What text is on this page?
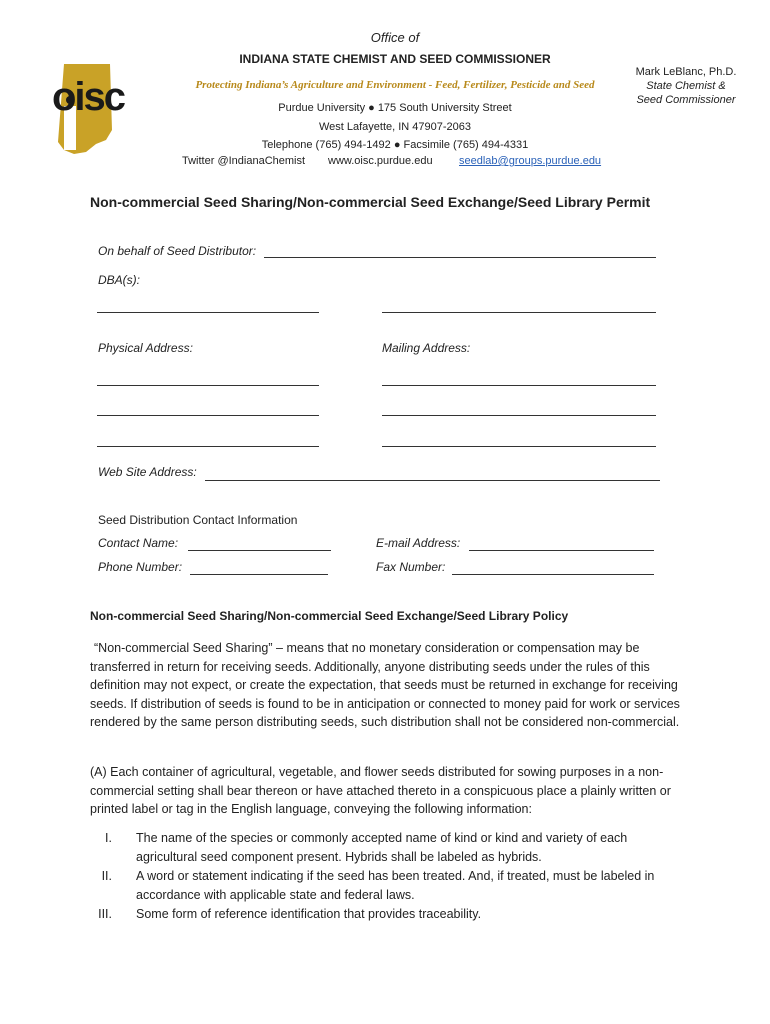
oisc
Office of
INDIANA STATE CHEMIST AND SEED COMMISSIONER
Protecting Indiana’s Agriculture and Environment - Feed, Fertilizer, Pesticide and Seed
Purdue University ● 175 South University Street
West Lafayette, IN 47907-2063
Telephone (765) 494-1492 ● Facsimile (765) 494-4331
Twitter @IndianaChemist www.oisc.purdue.edu seedlab@groups.purdue.edu
Mark LeBlanc, Ph.D.
State Chemist &
Seed Commissioner
Non-commercial Seed Sharing/Non-commercial Seed Exchange/Seed Library Permit
On behalf of Seed Distributor:
DBA(s):
Physical Address:	Mailing Address:
Web Site Address:
Seed Distribution Contact Information
Contact Name:	E-mail Address:
Phone Number:	Fax Number:
Non-commercial Seed Sharing/Non-commercial Seed Exchange/Seed Library Policy
“Non-commercial Seed Sharing” – means that no monetary consideration or compensation may be transferred in return for receiving seeds. Additionally, anyone distributing seeds under the rules of this definition may not expect, or create the expectation, that seeds must be returned in exchange for receiving seeds. If distribution of seeds is found to be in anticipation or connected to money paid for work or services rendered by the same person distributing seeds, such distribution shall not be considered non-commercial.
(A) Each container of agricultural, vegetable, and flower seeds distributed for sowing purposes in a non-commercial setting shall bear thereon or have attached thereto in a conspicuous place a plainly written or printed label or tag in the English language, conveying the following information:
I. The name of the species or commonly accepted name of kind or kind and variety of each agricultural seed component present. Hybrids shall be labeled as hybrids.
II. A word or statement indicating if the seed has been treated. And, if treated, must be labeled in accordance with applicable state and federal laws.
III. Some form of reference identification that provides traceability.
